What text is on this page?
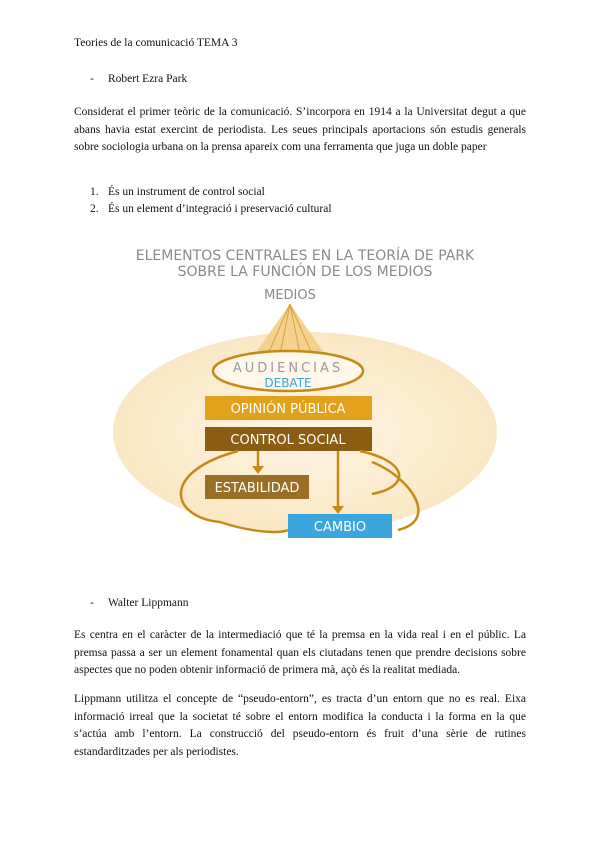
Teories de la comunicació TEMA 3
- Robert Ezra Park

Considerat el primer teòric de la comunicació. S’incorpora en 1914 a la Universitat degut a que abans havia estat exercint de periodista. Les seues principals aportacions són estudis generals sobre sociologia urbana on la prensa apareix com una ferramenta que juga un doble paper

1. És un instrument de control social
2. És un element d’integració i preservació cultural
ELEMENTOS CENTRALES EN LA TEORÍA DE PARK
SOBRE LA FUNCIÓN DE LOS MEDIOS
MEDIOS
AUDIENCIAS
DEBATE
OPINIÓN PÚBLICA
CONTROL SOCIAL
ESTABILIDAD
CAMBIO
- Walter Lippmann

Es centra en el caràcter de la intermediació que té la premsa en la vida real i en el públic. La premsa passa a ser un element fonamental quan els ciutadans tenen que prendre decisions sobre aspectes que no poden obtenir informació de primera mà, açò és la realitat mediada.

Lippmann utilitza el concepte de “pseudo-entorn”, es tracta d’un entorn que no es real. Eixa informació irreal que la societat té sobre el entorn modifica la conducta i la forma en la que s’actúa amb l’entorn. La construcció del pseudo-entorn és fruit d’una sèrie de rutines estandarditzades per als periodistes.
